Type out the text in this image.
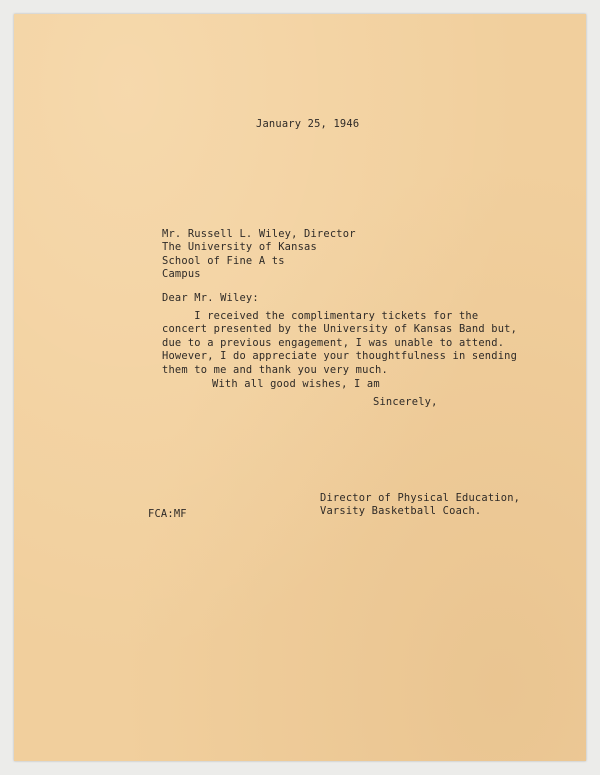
January 25, 1946
Mr. Russell L. Wiley, Director
The University of Kansas
School of Fine A ts
Campus
Dear Mr. Wiley:
I received the complimentary tickets for the
concert presented by the University of Kansas Band but,
due to a previous engagement, I was unable to attend.
However, I do appreciate your thoughtfulness in sending
them to me and thank you very much.
With all good wishes, I am
Sincerely,
Director of Physical Education,
Varsity Basketball Coach.
FCA:MF
